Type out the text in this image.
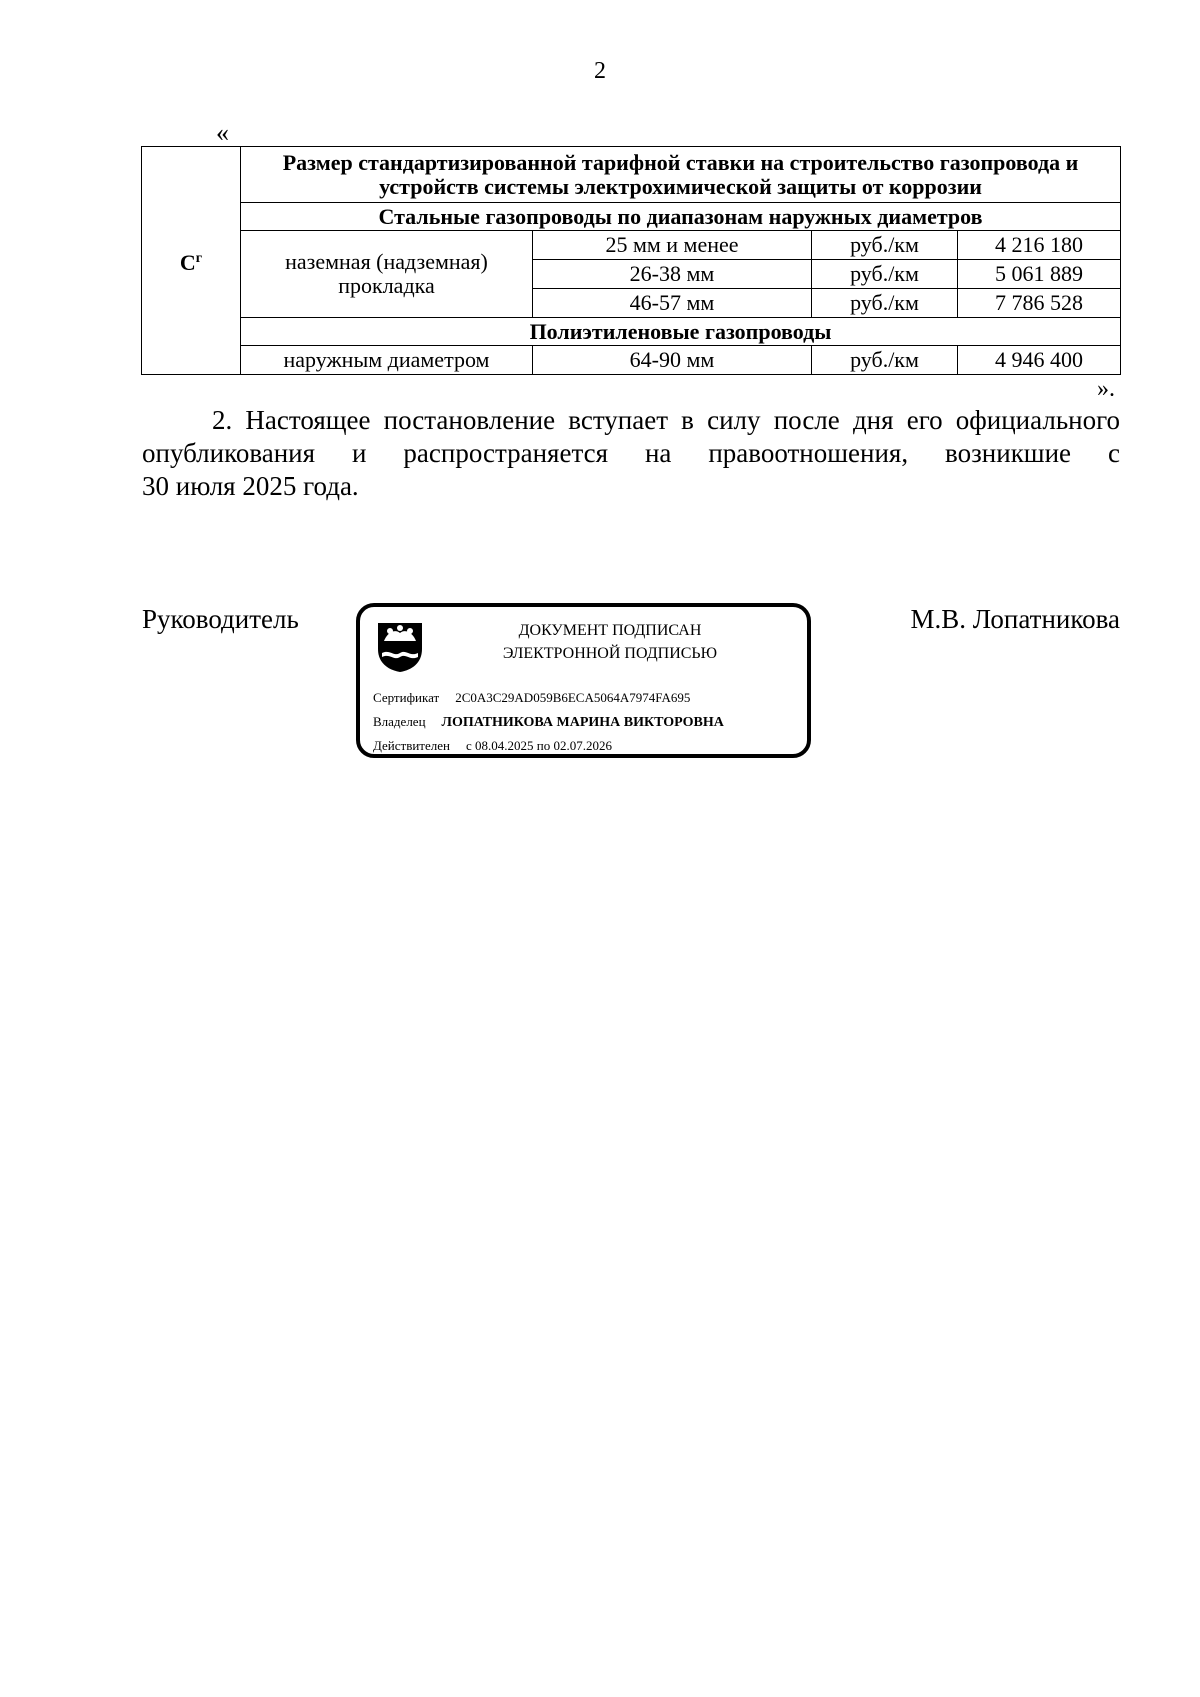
2
«
$С^г$	Размер стандартизированной тарифной ставки на строительство газопровода и устройств системы электрохимической защиты от коррозии			
	Стальные газопроводы по диапазонам наружных диаметров			
	наземная (надземная) прокладка	25 мм и менее	руб./км	4 216 180
		26-38 мм	руб./км	5 061 889
		46-57 мм	руб./км	7 786 528
	Полиэтиленовые газопроводы			
	наружным диаметром	64-90 мм	руб./км	4 946 400
».
2. Настоящее постановление вступает в силу после дня его официального
опубликования и распространяется на правоотношения, возникшие с
30 июля 2025 года.
Руководитель	ДОКУМЕНТ ПОДПИСАН
ЭЛЕКТРОННОЙ ПОДПИСЬЮ
Сертификат 2C0A3C29AD059B6ECA5064A7974FA695
Владелец ЛОПАТНИКОВА МАРИНА ВИКТОРОВНА
Действителен с 08.04.2025 по 02.07.2026
М.В. Лопатникова
